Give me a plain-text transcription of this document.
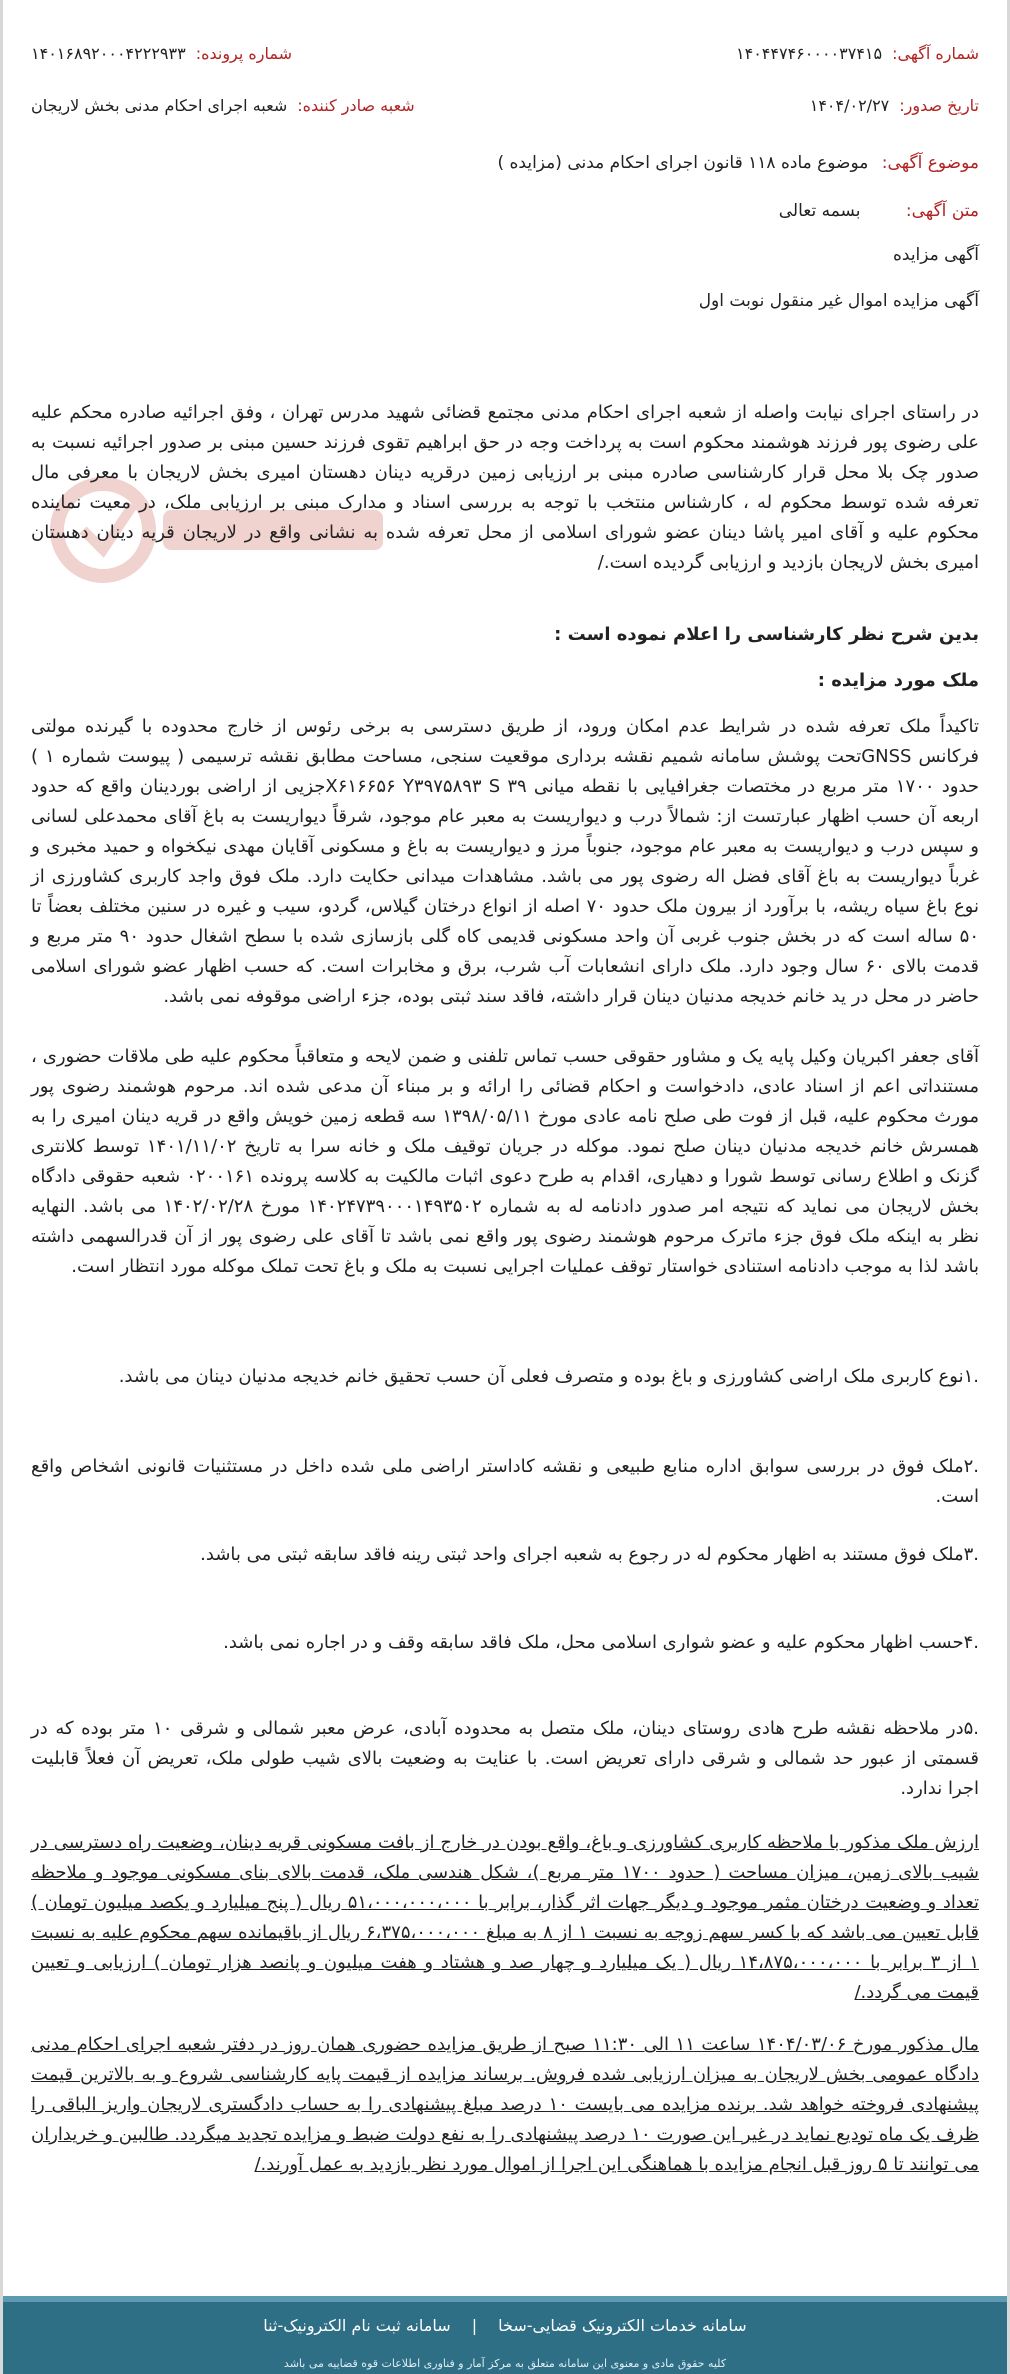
شماره آگهی:
۱۴۰۴۴۷۴۶۰۰۰۰۳۷۴۱۵
شماره پرونده:
۱۴۰۱۶۸۹۲۰۰۰۴۲۲۲۹۳۳
تاریخ صدور:
۱۴۰۴/۰۲/۲۷
شعبه صادر کننده:
شعبه اجرای احکام مدنی بخش لاریجان
موضوع آگهی: موضوع ماده ۱۱۸ قانون اجرای احکام مدنی (مزایده )
متن آگهی: بسمه تعالی
آگهی مزایده
آگهی مزایده اموال غیر منقول نوبت اول
در راستای اجرای نیابت واصله از شعبه اجرای احکام مدنی مجتمع قضائی شهید مدرس تهران ، وفق اجرائیه صادره محکم علیه علی رضوی پور فرزند هوشمند محکوم است به پرداخت وجه در حق ابراهیم تقوی فرزند حسین مبنی بر صدور اجرائیه نسبت به صدور چک بلا محل قرار کارشناسی صادره مبنی بر ارزیابی زمین درقریه دینان دهستان امیری بخش لاریجان با معرفی مال تعرفه شده توسط محکوم له ، کارشناس منتخب با توجه به بررسی اسناد و مدارک مبنی بر ارزیابی ملک، در معیت نماینده محکوم علیه و آقای امیر پاشا دینان عضو شورای اسلامی از محل تعرفه شده به نشانی واقع در لاریجان قریه دینان دهستان امیری بخش لاریجان بازدید و ارزیابی گردیده است./
بدین شرح نظر کارشناسی را اعلام نموده است :
ملک مورد مزایده :
تاکیداً ملک تعرفه شده در شرایط عدم امکان ورود، از طریق دسترسی به برخی رئوس از خارج محدوده با گیرنده مولتی فرکانس GNSSتحت پوشش سامانه شمیم نقشه برداری موقعیت سنجی، مساحت مطابق نقشه ترسیمی ( پیوست شماره ۱ ) حدود ۱۷۰۰ متر مربع در مختصات جغرافیایی با نقطه میانی ۳۹ X۶۱۶۶۵۶ Y۳۹۷۵۸۹۳ Sجزیی از اراضی بوردینان واقع که حدود اربعه آن حسب اظهار عبارتست از: شمالاً درب و دیواریست به معبر عام موجود، شرقاً دیواریست به باغ آقای محمدعلی لسانی و سپس درب و دیواریست به معبر عام موجود، جنوباً مرز و دیواریست به باغ و مسکونی آقایان مهدی نیکخواه و حمید مخبری و غرباً دیواریست به باغ آقای فضل اله رضوی پور می باشد. مشاهدات میدانی حکایت دارد. ملک فوق واجد کاربری کشاورزی از نوع باغ سیاه ریشه، با برآورد از بیرون ملک حدود ۷۰ اصله از انواع درختان گیلاس، گردو، سیب و غیره در سنین مختلف بعضاً تا ۵۰ ساله است که در بخش جنوب غربی آن واحد مسکونی قدیمی کاه گلی بازسازی شده با سطح اشغال حدود ۹۰ متر مربع و قدمت بالای ۶۰ سال وجود دارد. ملک دارای انشعابات آب شرب، برق و مخابرات است. که حسب اظهار عضو شورای اسلامی حاضر در محل در ید خانم خدیجه مدنیان دینان قرار داشته، فاقد سند ثبتی بوده، جزء اراضی موقوفه نمی باشد.
آقای جعفر اکبریان وکیل پایه یک و مشاور حقوقی حسب تماس تلفنی و ضمن لایحه و متعاقباً محکوم علیه طی ملاقات حضوری ، مستنداتی اعم از اسناد عادی، دادخواست و احکام قضائی را ارائه و بر مبناء آن مدعی شده اند. مرحوم هوشمند رضوی پور مورث محکوم علیه، قبل از فوت طی صلح نامه عادی مورخ ۱۳۹۸/۰۵/۱۱ سه قطعه زمین خویش واقع در قریه دینان امیری را به همسرش خانم خدیجه مدنیان دینان صلح نمود. موکله در جریان توقیف ملک و خانه سرا به تاریخ ۱۴۰۱/۱۱/۰۲ توسط کلانتری گزنک و اطلاع رسانی توسط شورا و دهیاری، اقدام به طرح دعوی اثبات مالکیت به کلاسه پرونده ۰۲۰۰۱۶۱ شعبه حقوقی دادگاه بخش لاریجان می نماید که نتیجه امر صدور دادنامه له به شماره ۱۴۰۲۴۷۳۹۰۰۰۱۴۹۳۵۰۲ مورخ ۱۴۰۲/۰۲/۲۸ می باشد. النهایه نظر به اینکه ملک فوق جزء ماترک مرحوم هوشمند رضوی پور واقع نمی باشد تا آقای علی رضوی پور از آن قدرالسهمی داشته باشد لذا به موجب دادنامه استنادی خواستار توقف عملیات اجرایی نسبت به ملک و باغ تحت تملک موکله مورد انتظار است.
.۱نوع کاربری ملک اراضی کشاورزی و باغ بوده و متصرف فعلی آن حسب تحقیق خانم خدیجه مدنیان دینان می باشد.
.۲ملک فوق در بررسی سوابق اداره منابع طبیعی و نقشه کاداستر اراضی ملی شده داخل در مستثنیات قانونی اشخاص واقع است.
.۳ملک فوق مستند به اظهار محکوم له در رجوع به شعبه اجرای واحد ثبتی رینه فاقد سابقه ثبتی می باشد.
.۴حسب اظهار محکوم علیه و عضو شواری اسلامی محل، ملک فاقد سابقه وقف و در اجاره نمی باشد.
.۵در ملاحظه نقشه طرح هادی روستای دینان، ملک متصل به محدوده آبادی، عرض معبر شمالی و شرقی ۱۰ متر بوده که در قسمتی از عبور حد شمالی و شرقی دارای تعریض است. با عنایت به وضعیت بالای شیب طولی ملک، تعریض آن فعلاً قابلیت اجرا ندارد.
ارزش ملک مذکور با ملاحظه کاربری کشاورزی و باغ، واقع بودن در خارج از بافت مسکونی قریه دینان، وضعیت راه دسترسی در شیب بالای زمین، میزان مساحت ( حدود ۱۷۰۰ متر مربع )، شکل هندسی ملک، قدمت بالای بنای مسکونی موجود و ملاحظه تعداد و وضعیت درختان مثمر موجود و دیگر جهات اثر گذار، برابر با ۵۱،۰۰۰،۰۰۰،۰۰۰ ریال ( پنج میلیارد و یکصد میلیون تومان ) قابل تعیین می باشد که با کسر سهم زوجه به نسبت ۱ از ۸ به مبلغ ۶،۳۷۵،۰۰۰،۰۰۰ ریال از باقیمانده سهم محکوم علیه به نسبت ۱ از ۳ برابر با ۱۴،۸۷۵،۰۰۰،۰۰۰ ریال ( یک میلیارد و چهار صد و هشتاد و هفت میلیون و پانصد هزار تومان ) ارزیابی و تعیین قیمت می گردد./
مال مذکور مورخ ۱۴۰۴/۰۳/۰۶ ساعت ۱۱ الی ۱۱:۳۰ صبح از طریق مزایده حضوری همان روز در دفتر شعبه اجرای احکام مدنی دادگاه عمومی بخش لاریجان به میزان ارزیابی شده فروش. برساند مزایده از قیمت پایه کارشناسی شروع و به بالاترین قیمت پیشنهادی فروخته خواهد شد. برنده مزایده می بایست ۱۰ درصد مبلغ پیشنهادی را به حساب دادگستری لاریجان واریز الباقی را ظرف یک ماه تودیع نماید در غیر این صورت ۱۰ درصد پیشنهادی را به نفع دولت ضبط و مزایده تجدید میگردد. طالبین و خریداران می توانند تا ۵ روز قبل انجام مزایده با هماهنگی این اجرا از اموال مورد نظر بازدید به عمل آورند./
سامانه خدمات الکترونیک قضایی-سخا | سامانه ثبت نام الکترونیک-ثنا
کلیه حقوق مادی و معنوی این سامانه متعلق به مرکز آمار و فناوری اطلاعات قوه قضاییه می باشد
